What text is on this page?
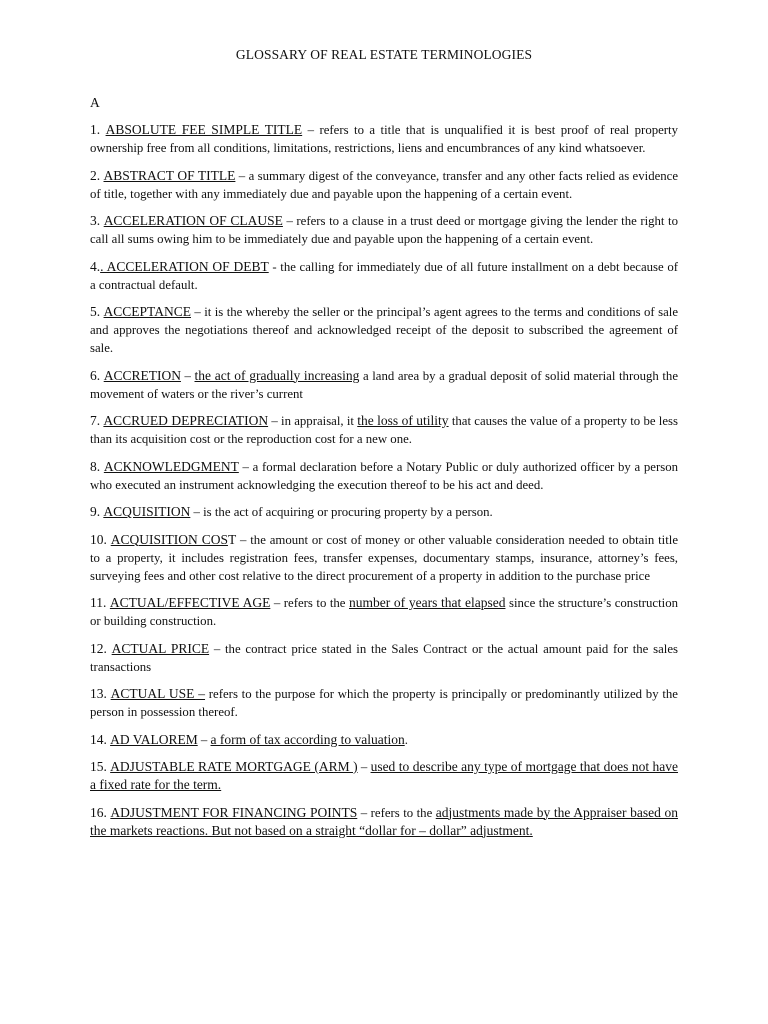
GLOSSARY OF REAL ESTATE TERMINOLOGIES
A

1. ABSOLUTE FEE SIMPLE TITLE – refers to a title that is unqualified it is best proof of real property ownership free from all conditions, limitations, restrictions, liens and encumbrances of any kind whatsoever.

2. ABSTRACT OF TITLE – a summary digest of the conveyance, transfer and any other facts relied as evidence of title, together with any immediately due and payable upon the happening of a certain event.

3. ACCELERATION OF CLAUSE – refers to a clause in a trust deed or mortgage giving the lender the right to call all sums owing him to be immediately due and payable upon the happening of a certain event.

4.. ACCELERATION OF DEBT - the calling for immediately due of all future installment on a debt because of a contractual default.

5. ACCEPTANCE – it is the whereby the seller or the principal’s agent agrees to the terms and conditions of sale and approves the negotiations thereof and acknowledged receipt of the deposit to subscribed the agreement of sale.

6. ACCRETION – the act of gradually increasing a land area by a gradual deposit of solid material through the movement of waters or the river’s current

7. ACCRUED DEPRECIATION – in appraisal, it the loss of utility that causes the value of a property to be less than its acquisition cost or the reproduction cost for a new one.

8. ACKNOWLEDGMENT – a formal declaration before a Notary Public or duly authorized officer by a person who executed an instrument acknowledging the execution thereof to be his act and deed.

9. ACQUISITION – is the act of acquiring or procuring property by a person.

10. ACQUISITION COST – the amount or cost of money or other valuable consideration needed to obtain title to a property, it includes registration fees, transfer expenses, documentary stamps, insurance, attorney’s fees, surveying fees and other cost relative to the direct procurement of a property in addition to the purchase price

11. ACTUAL/EFFECTIVE AGE – refers to the number of years that elapsed since the structure’s construction or building construction.

12. ACTUAL PRICE – the contract price stated in the Sales Contract or the actual amount paid for the sales transactions

13. ACTUAL USE – refers to the purpose for which the property is principally or predominantly utilized by the person in possession thereof.

14. AD VALOREM – a form of tax according to valuation.

15. ADJUSTABLE RATE MORTGAGE (ARM ) – used to describe any type of mortgage that does not have a fixed rate for the term.

16. ADJUSTMENT FOR FINANCING POINTS – refers to the adjustments made by the Appraiser based on the markets reactions. But not based on a straight “dollar for – dollar” adjustment.
